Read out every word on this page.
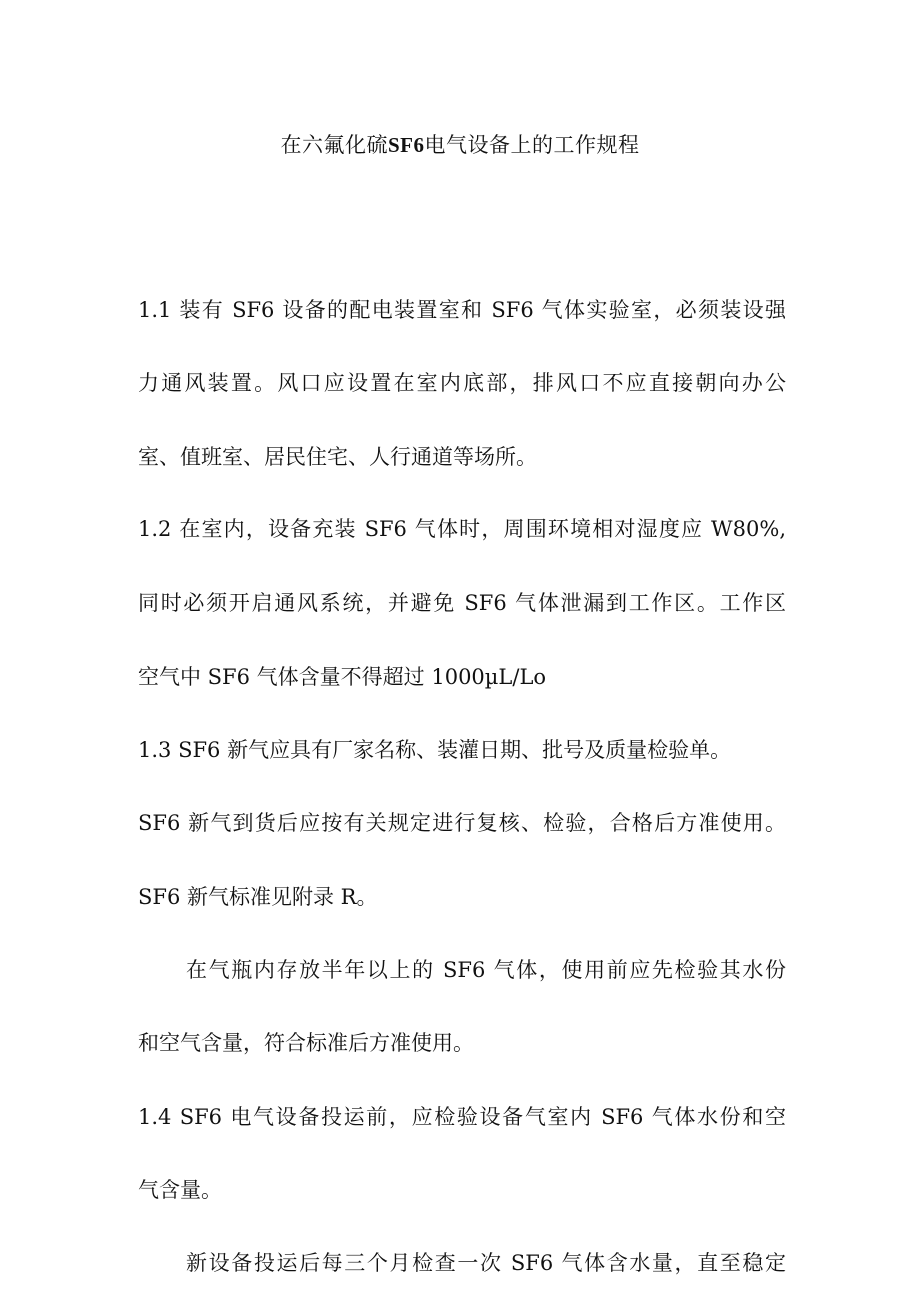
在六氟化硫SF6电气设备上的工作规程
1.1 装有 SF6 设备的配电装置室和 SF6 气体实验室，必须装设强
力通风装置。风口应设置在室内底部，排风口不应直接朝向办公
室、值班室、居民住宅、人行通道等场所。
1.2 在室内，设备充装 SF6 气体时，周围环境相对湿度应 W80%,
同时必须开启通风系统，并避免 SF6 气体泄漏到工作区。工作区
空气中 SF6 气体含量不得超过 1000µL/Lo
1.3 SF6 新气应具有厂家名称、装灌日期、批号及质量检验单。
SF6 新气到货后应按有关规定进行复核、检验，合格后方准使用。
SF6 新气标准见附录 R。
在气瓶内存放半年以上的 SF6 气体，使用前应先检验其水份
和空气含量，符合标准后方准使用。
1.4 SF6 电气设备投运前，应检验设备气室内 SF6 气体水份和空
气含量。
新设备投运后每三个月检查一次 SF6 气体含水量，直至稳定
